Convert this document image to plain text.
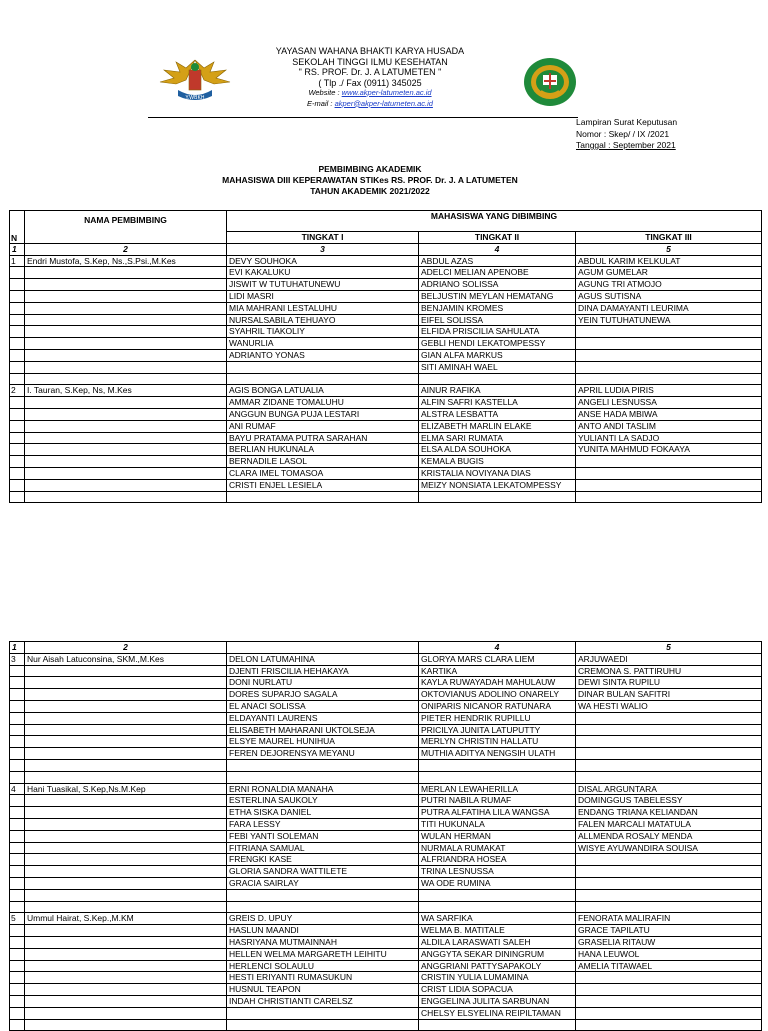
Y.WBKH
YAYASAN WAHANA BHAKTI KARYA HUSADA
SEKOLAH TINGGI ILMU KESEHATAN
" RS. PROF. Dr. J. A LATUMETEN "
( Tlp ./ Fax (0911) 345025
Website : www.akper-latumeten.ac.id
E-mail : akper@akper-latumeten.ac.id
Lampiran Surat Keputusan
Nomor : Skep/ / IX /2021
Tanggal : September 2021
PEMBIMBING AKADEMIK
MAHASISWA DIII KEPERAWATAN STIKes RS. PROF. Dr. J. A LATUMETEN
TAHUN AKADEMIK 2021/2022
N	NAMA PEMBIMBING	MAHASISWA YANG DIBIMBING		
		TINGKAT I	TINGKAT II	TINGKAT III
1	2	3	4	5
1	Endri Mustofa, S.Kep, Ns.,S.Psi.,M.Kes	DEVY SOUHOKA	ABDUL AZAS	ABDUL KARIM KELKULAT
		EVI KAKALUKU	ADELCI MELIAN APENOBE	AGUM GUMELAR
		JISWIT W TUTUHATUNEWU	ADRIANO SOLISSA	AGUNG TRI ATMOJO
		LIDI MASRI	BELJUSTIN MEYLAN HEMATANG	AGUS SUTISNA
		MIA MAHRANI LESTALUHU	BENJAMIN KROMES	DINA DAMAYANTI LEURIMA
		NURSALSABILA TEHUAYO	EIFEL SOLISSA	YEIN TUTUHATUNEWA
		SYAHRIL TIAKOLIY	ELFIDA PRISCILIA SAHULATA	
		WANURLIA	GEBLI HENDI LEKATOMPESSY	
		ADRIANTO YONAS	GIAN ALFA MARKUS	
			SITI AMINAH WAEL	

2	I. Tauran, S.Kep, Ns, M.Kes	AGIS BONGA LATUALIA	AINUR RAFIKA	APRIL LUDIA PIRIS
		AMMAR ZIDANE TOMALUHU	ALFIN SAFRI KASTELLA	ANGELI LESNUSSA
		ANGGUN BUNGA PUJA LESTARI	ALSTRA LESBATTA	ANSE HADA MBIWA
		ANI RUMAF	ELIZABETH MARLIN ELAKE	ANTO ANDI TASLIM
		BAYU PRATAMA PUTRA SARAHAN	ELMA SARI RUMATA	YULIANTI LA SADJO
		BERLIAN HUKUNALA	ELSA ALDA SOUHOKA	YUNITA MAHMUD FOKAAYA
		BERNADILE LASOL	KEMALA BUGIS	
		CLARA IMEL TOMASOA	KRISTALIA NOVIYANA DIAS	
		CRISTI ENJEL LESIELA	MEIZY NONSIATA LEKATOMPESSY	

1	2		4	5
3	Nur Aisah Latuconsina, SKM.,M.Kes	DELON LATUMAHINA	GLORYA MARS CLARA LIEM	ARJUWAEDI
		DJENTI FRISCILIA HEHAKAYA	KARTIKA	CREMONA S. PATTIRUHU
		DONI NURLATU	KAYLA RUWAYADAH MAHULAUW	DEWI SINTA RUPILU
		DORES SUPARJO SAGALA	OKTOVIANUS ADOLINO ONARELY	DINAR BULAN SAFITRI
		EL ANACI SOLISSA	ONIPARIS NICANOR RATUNARA	WA HESTI WALIO
		ELDAYANTI LAURENS	PIETER HENDRIK RUPILLU	
		ELISABETH MAHARANI UKTOLSEJA	PRICILYA JUNITA LATUPUTTY	
		ELSYE MAUREL HUNIHUA	MERLYN CHRISTIN HALLATU	
		FEREN DEJORENSYA MEYANU	MUTHIA ADITYA NENGSIH ULATH	

4	Hani Tuasikal, S.Kep,Ns.M.Kep	ERNI RONALDIA MANAHA	MERLAN LEWAHERILLA	DISAL ARGUNTARA
		ESTERLINA SAUKOLY	PUTRI NABILA RUMAF	DOMINGGUS TABELESSY
		ETHA SISKA DANIEL	PUTRA ALFATIHA LILA WANGSA	ENDANG TRIANA KELIANDAN
		FARA LESSY	TITI HUKUNALA	FALEN MARCALI MATATULA
		FEBI YANTI SOLEMAN	WULAN HERMAN	ALLMENDA ROSALY MENDA
		FITRIANA SAMUAL	NURMALA RUMAKAT	WISYE AYUWANDIRA SOUISA
		FRENGKI KASE	ALFRIANDRA HOSEA	
		GLORIA SANDRA WATTILETE	TRINA LESNUSSA	
		GRACIA SAIRLAY	WA ODE RUMINA	

5	Ummul Hairat, S.Kep.,M.KM	GREIS D. UPUY	WA SARFIKA	FENORATA MALIRAFIN
		HASLUN MAANDI	WELMA B. MATITALE	GRACE TAPILATU
		HASRIYANA MUTMAINNAH	ALDILA LARASWATI SALEH	GRASELIA RITAUW
		HELLEN WELMA MARGARETH LEIHITU	ANGGYTA SEKAR DININGRUM	HANA LEUWOL
		HERLENCI SOLAULU	ANGGRIANI PATTYSAPAKOLY	AMELIA TITAWAEL
		HESTI ERIYANTI RUMASUKUN	CRISTIN YULIA LUMAMINA	
		HUSNUL TEAPON	CRIST LIDIA SOPACUA	
		INDAH CHRISTIANTI CARELSZ	ENGGELINA JULITA SARBUNAN	
			CHELSY ELSYELINA REIPILTAMAN	
